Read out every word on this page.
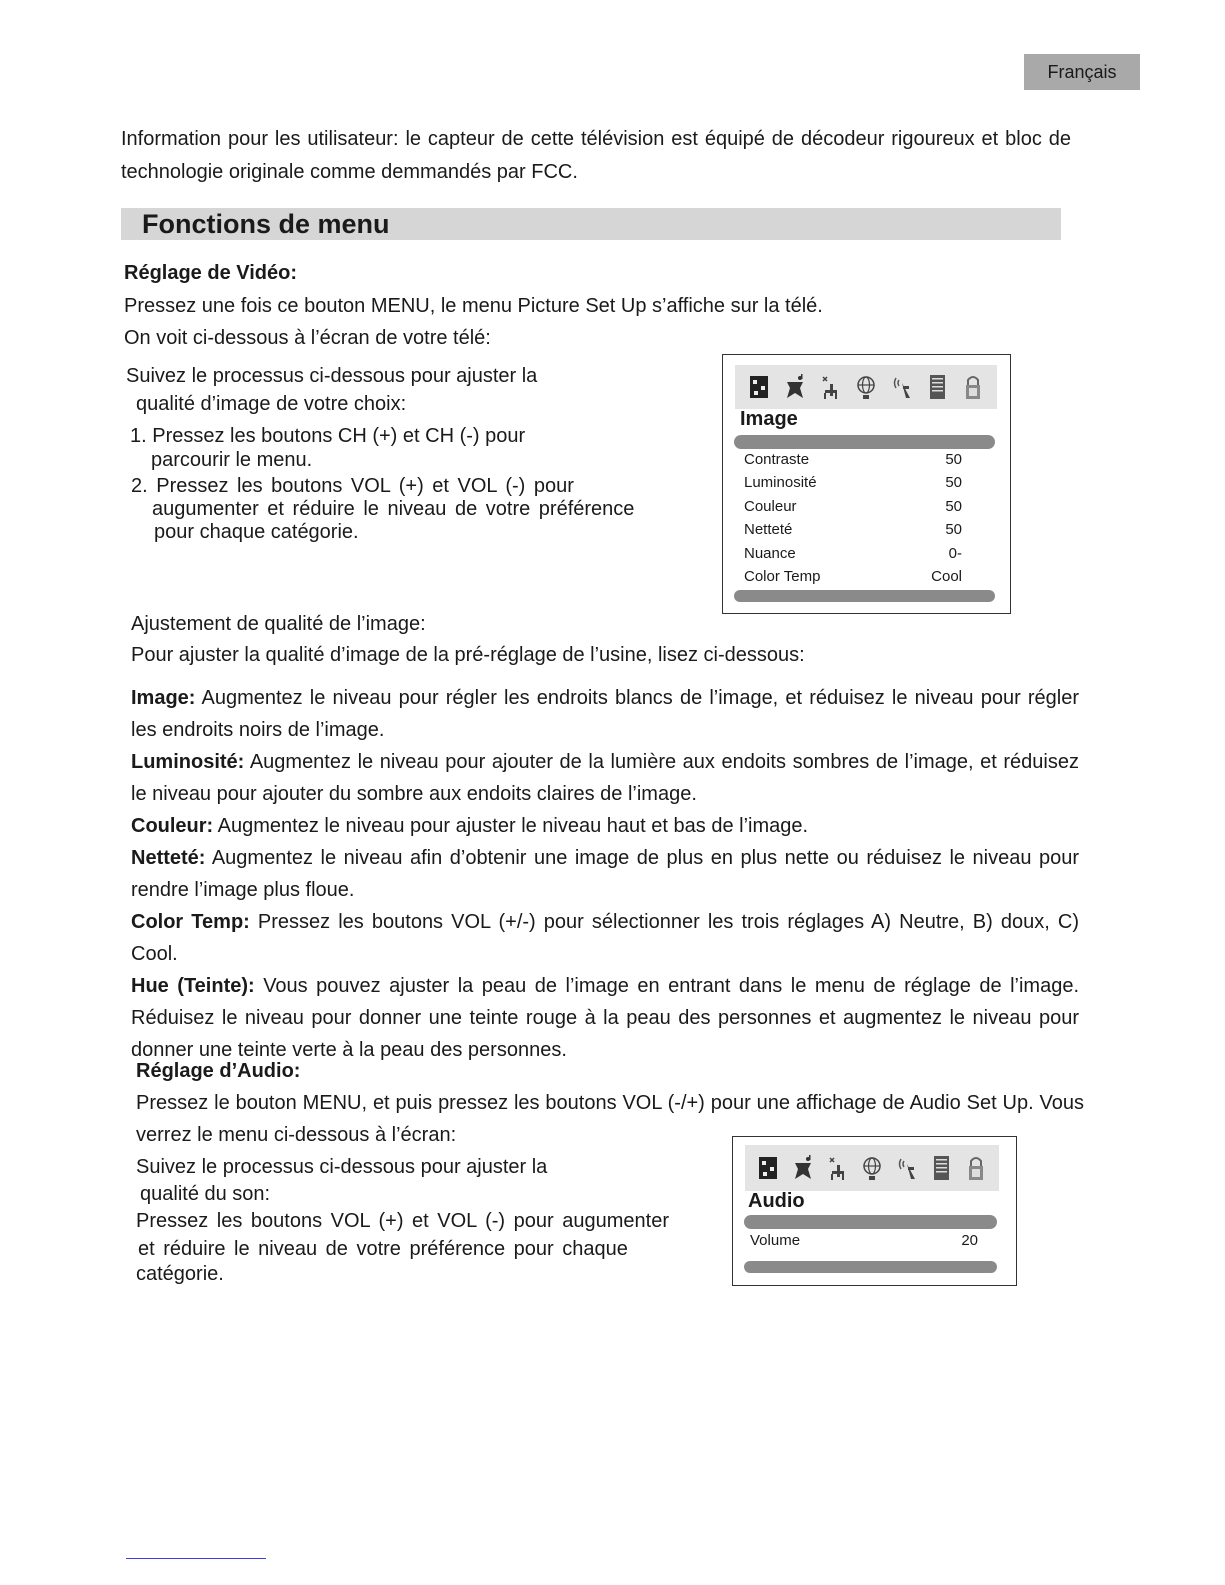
Français
Information pour les utilisateur: le capteur de cette télévision est équipé de décodeur rigoureux et bloc de technologie originale comme demmandés par FCC.
Fonctions de menu
Réglage de Vidéo:
Pressez une fois ce bouton MENU, le menu Picture Set Up s’affiche sur la télé.
On voit ci-dessous à l’écran de votre télé:
Suivez le processus ci-dessous pour ajuster la
qualité d’image de votre choix:
1. Pressez les boutons CH (+) et CH (-) pour
parcourir le menu.
2. Pressez les boutons VOL (+) et VOL (-) pour
augumenter et réduire le niveau de votre préférence
pour chaque catégorie.
Image
Contraste	50
Luminosité	50
Couleur	50
Netteté	50
Nuance	0-
Color Temp	Cool
Ajustement de qualité de l’image:
Pour ajuster la qualité d’image de la pré-réglage de l’usine, lisez ci-dessous:
Image: Augmentez le niveau pour régler les endroits blancs de l’image, et réduisez le niveau pour régler les endroits noirs de l’image.
Luminosité: Augmentez le niveau pour ajouter de la lumière aux endoits sombres de l’image, et réduisez le niveau pour ajouter du sombre aux endoits claires de l’image.
Couleur: Augmentez le niveau pour ajuster le niveau haut et bas de l’image.
Netteté: Augmentez le niveau afin d’obtenir une image de plus en plus nette ou réduisez le niveau pour rendre l’image plus floue.
Color Temp: Pressez les boutons VOL (+/-) pour sélectionner les trois réglages A) Neutre, B) doux, C) Cool.
Hue (Teinte): Vous pouvez ajuster la peau de l’image en entrant dans le menu de réglage de l’image. Réduisez le niveau pour donner une teinte rouge à la peau des personnes et augmentez le niveau pour donner une teinte verte à la peau des personnes.
Réglage d’Audio:
Pressez le bouton MENU, et puis pressez les boutons VOL (-/+) pour une affichage de Audio Set Up. Vous verrez le menu ci-dessous à l’écran:
Suivez le processus ci-dessous pour ajuster la
qualité du son:
Pressez les boutons VOL (+) et VOL (-) pour augumenter
et réduire le niveau de votre préférence pour chaque
catégorie.
Audio
Volume	20
